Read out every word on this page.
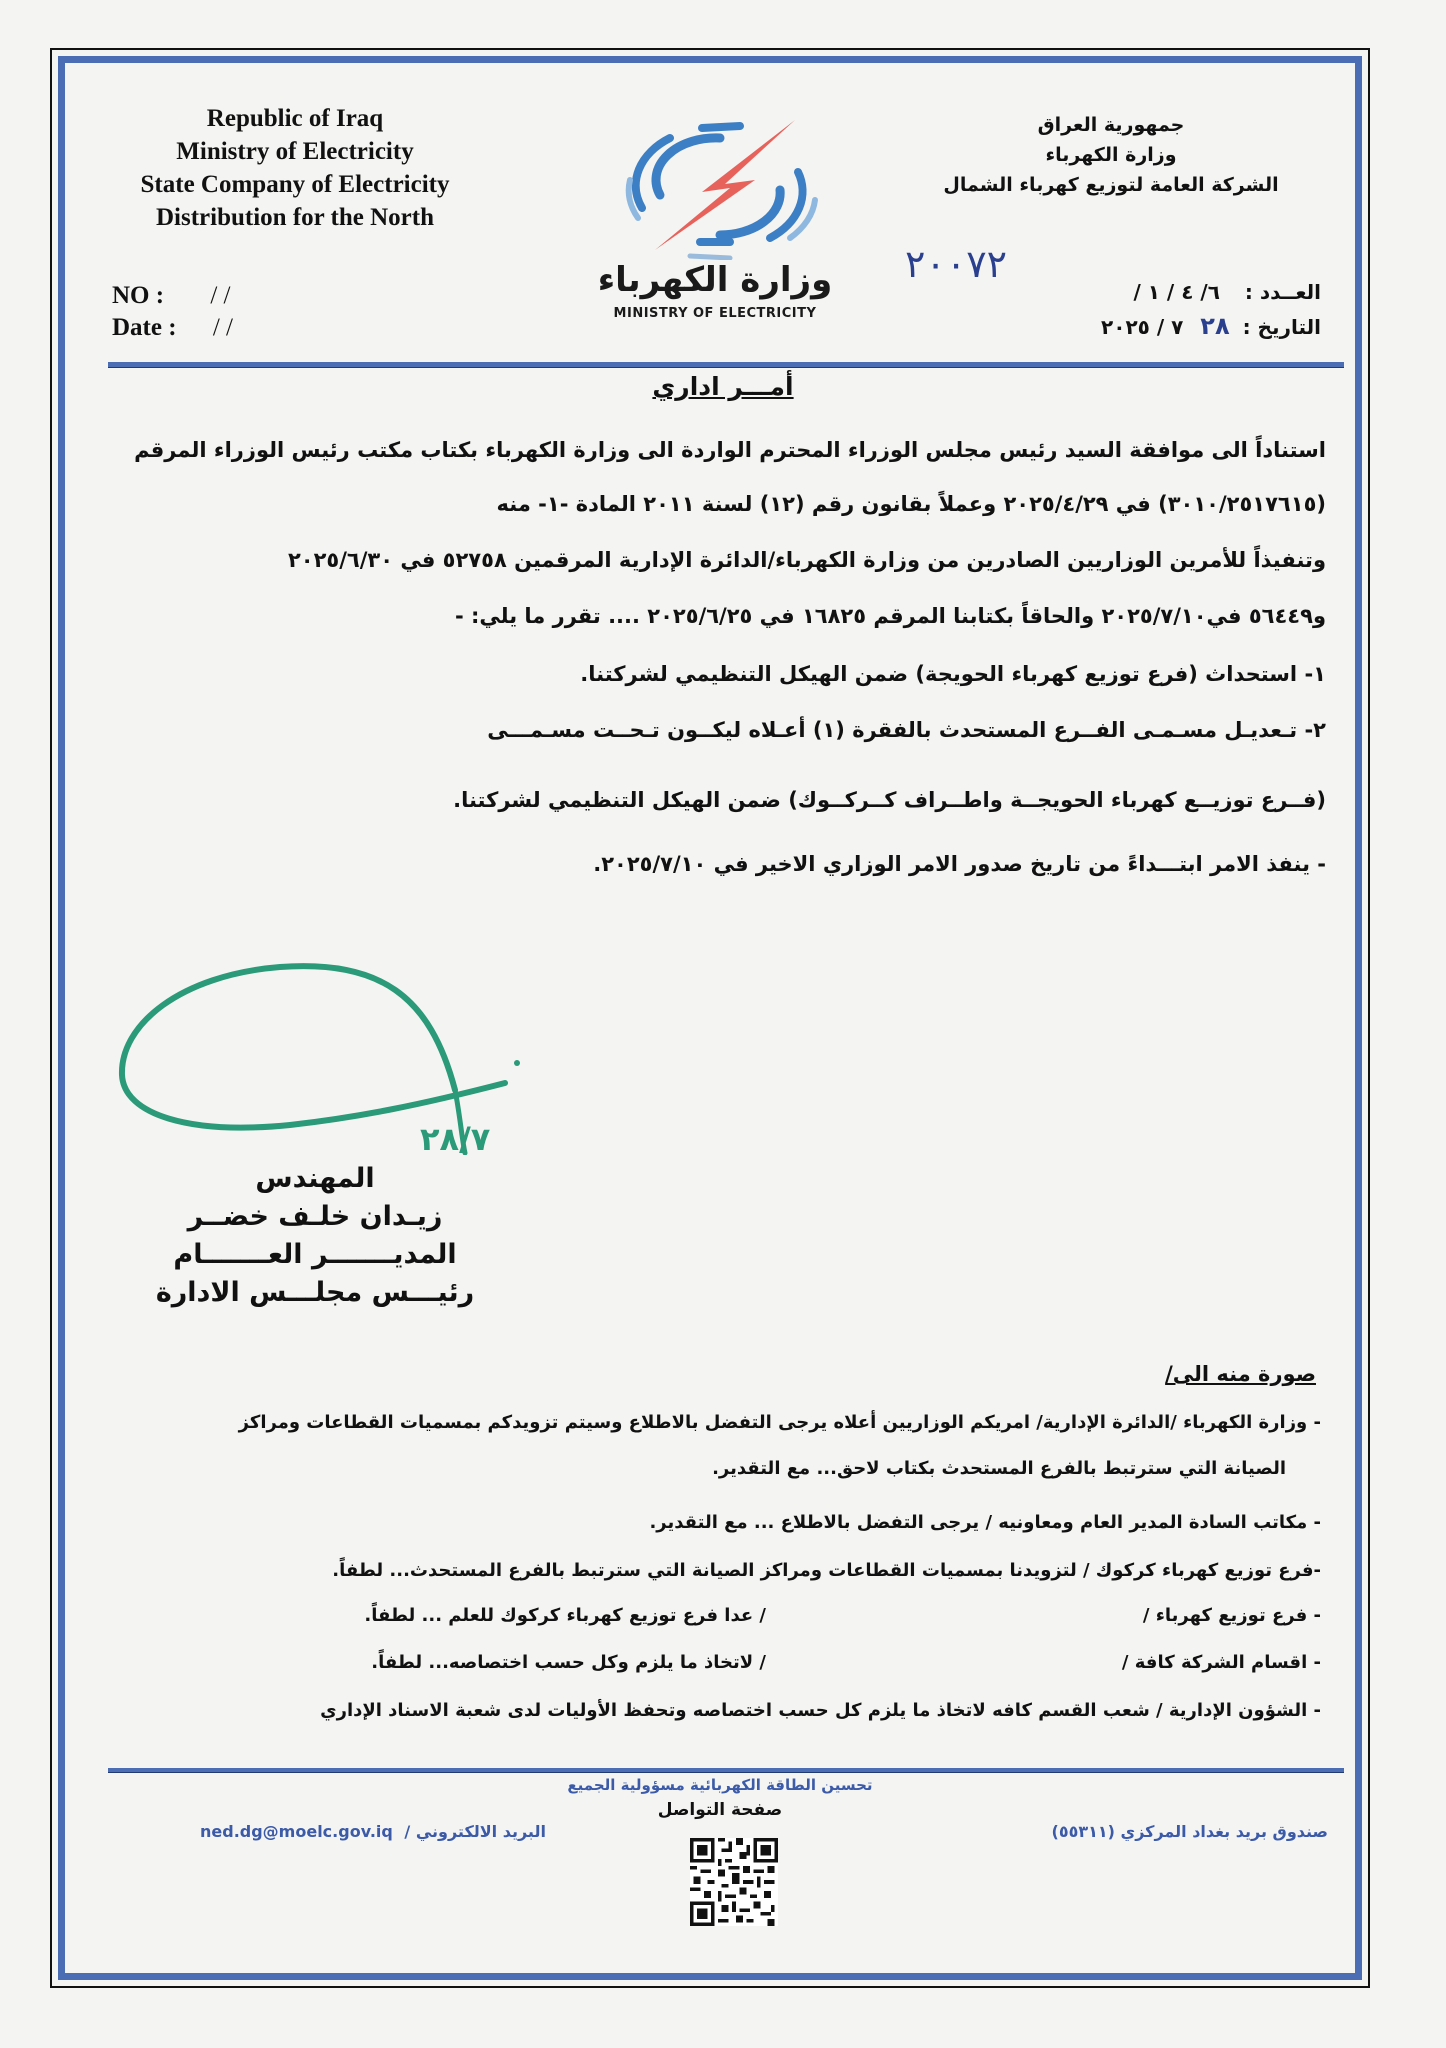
Republic of Iraq
Ministry of Electricity
State Company of Electricity
Distribution for the North
NO : / /
Date : / /
وزارة الكهرباء
MINISTRY OF ELECTRICITY
جمهورية العراق
وزارة الكهرباء
الشركة العامة لتوزيع كهرباء الشمال
٢٠٠٧٢
العــدد : ٦/ ٤ / ١ /
التاريخ : ٢٨ ٧ / ٢٠٢٥
أمـــر اداري
استناداً الى موافقة السيد رئيس مجلس الوزراء المحترم الواردة الى وزارة الكهرباء بكتاب مكتب رئيس الوزراء المرقم
(٣٠١٠/٢٥١٧٦١٥) في ٢٠٢٥/٤/٢٩ وعملاً بقانون رقم (١٢) لسنة ٢٠١١ المادة -١- منه
وتنفيذاً للأمرين الوزاريين الصادرين من وزارة الكهرباء/الدائرة الإدارية المرقمين ٥٢٧٥٨ في ٢٠٢٥/٦/٣٠
و٥٦٤٤٩ في٢٠٢٥/٧/١٠ والحاقاً بكتابنا المرقم ١٦٨٢٥ في ٢٠٢٥/٦/٢٥ .... تقرر ما يلي: -
١- استحداث (فرع توزيع كهرباء الحويجة) ضمن الهيكل التنظيمي لشركتنا.
٢- تـعديـل مسـمـى الفــرع المستحدث بالفقرة (١) أعـلاه ليكــون تـحــت مسـمـــى
(فــرع توزيــع كهرباء الحويجــة واطــراف كــركــوك) ضمن الهيكل التنظيمي لشركتنا.
- ينفذ الامر ابتـــداءً من تاريخ صدور الامر الوزاري الاخير في ٢٠٢٥/٧/١٠.
٢٨/٧
المهندس
زيـدان خلـف خضــر
المديـــــــر العـــــــام
رئيـــس مجلـــس الادارة
صورة منه الى/
- وزارة الكهرباء /الدائرة الإدارية/ امريكم الوزاريين أعلاه يرجى التفضل بالاطلاع وسيتم تزويدكم بمسميات القطاعات ومراكز
الصيانة التي سترتبط بالفرع المستحدث بكتاب لاحق... مع التقدير.
- مكاتب السادة المدير العام ومعاونيه / يرجى التفضل بالاطلاع ... مع التقدير.
-فرع توزيع كهرباء كركوك / لتزويدنا بمسميات القطاعات ومراكز الصيانة التي سترتبط بالفرع المستحدث... لطفاً.
- فرع توزيع كهرباء /
/ عدا فرع توزيع كهرباء كركوك للعلم ... لطفاً.
- اقسام الشركة كافة /
/ لاتخاذ ما يلزم وكل حسب اختصاصه... لطفاً.
- الشؤون الإدارية / شعب القسم كافه لاتخاذ ما يلزم كل حسب اختصاصه وتحفظ الأوليات لدى شعبة الاسناد الإداري
تحسين الطاقة الكهربائية مسؤولية الجميع
صفحة التواصل
ned.dg@moelc.gov.iq البريد الالكتروني /	صندوق بريد بغداد المركزي (٥٥٣١١)
